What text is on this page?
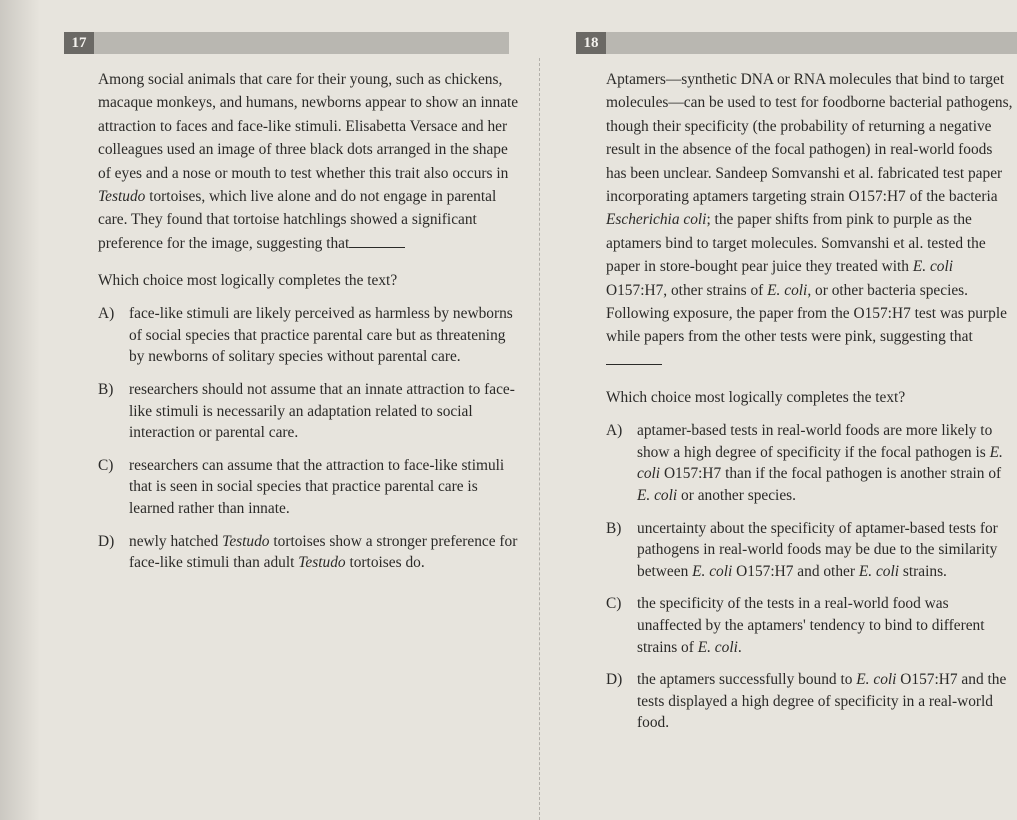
17	18

Among social animals that care for their young, such as chickens, macaque monkeys, and humans, newborns appear to show an innate attraction to faces and face-like stimuli. Elisabetta Versace and her colleagues used an image of three black dots arranged in the shape of eyes and a nose or mouth to test whether this trait also occurs in Testudo tortoises, which live alone and do not engage in parental care. They found that tortoise hatchlings showed a significant preference for the image, suggesting that

Which choice most logically completes the text?

A) face-like stimuli are likely perceived as harmless by newborns of social species that practice parental care but as threatening by newborns of solitary species without parental care.
B) researchers should not assume that an innate attraction to face-like stimuli is necessarily an adaptation related to social interaction or parental care.
C) researchers can assume that the attraction to face-like stimuli that is seen in social species that practice parental care is learned rather than innate.
D) newly hatched Testudo tortoises show a stronger preference for face-like stimuli than adult Testudo tortoises do.

Aptamers—synthetic DNA or RNA molecules that bind to target molecules—can be used to test for foodborne bacterial pathogens, though their specificity (the probability of returning a negative result in the absence of the focal pathogen) in real-world foods has been unclear. Sandeep Somvanshi et al. fabricated test paper incorporating aptamers targeting strain O157:H7 of the bacteria Escherichia coli; the paper shifts from pink to purple as the aptamers bind to target molecules. Somvanshi et al. tested the paper in store-bought pear juice they treated with E. coli O157:H7, other strains of E. coli, or other bacteria species. Following exposure, the paper from the O157:H7 test was purple while papers from the other tests were pink, suggesting that

Which choice most logically completes the text?

A) aptamer-based tests in real-world foods are more likely to show a high degree of specificity if the focal pathogen is E. coli O157:H7 than if the focal pathogen is another strain of E. coli or another species.
B) uncertainty about the specificity of aptamer-based tests for pathogens in real-world foods may be due to the similarity between E. coli O157:H7 and other E. coli strains.
C) the specificity of the tests in a real-world food was unaffected by the aptamers' tendency to bind to different strains of E. coli.
D) the aptamers successfully bound to E. coli O157:H7 and the tests displayed a high degree of specificity in a real-world food.
